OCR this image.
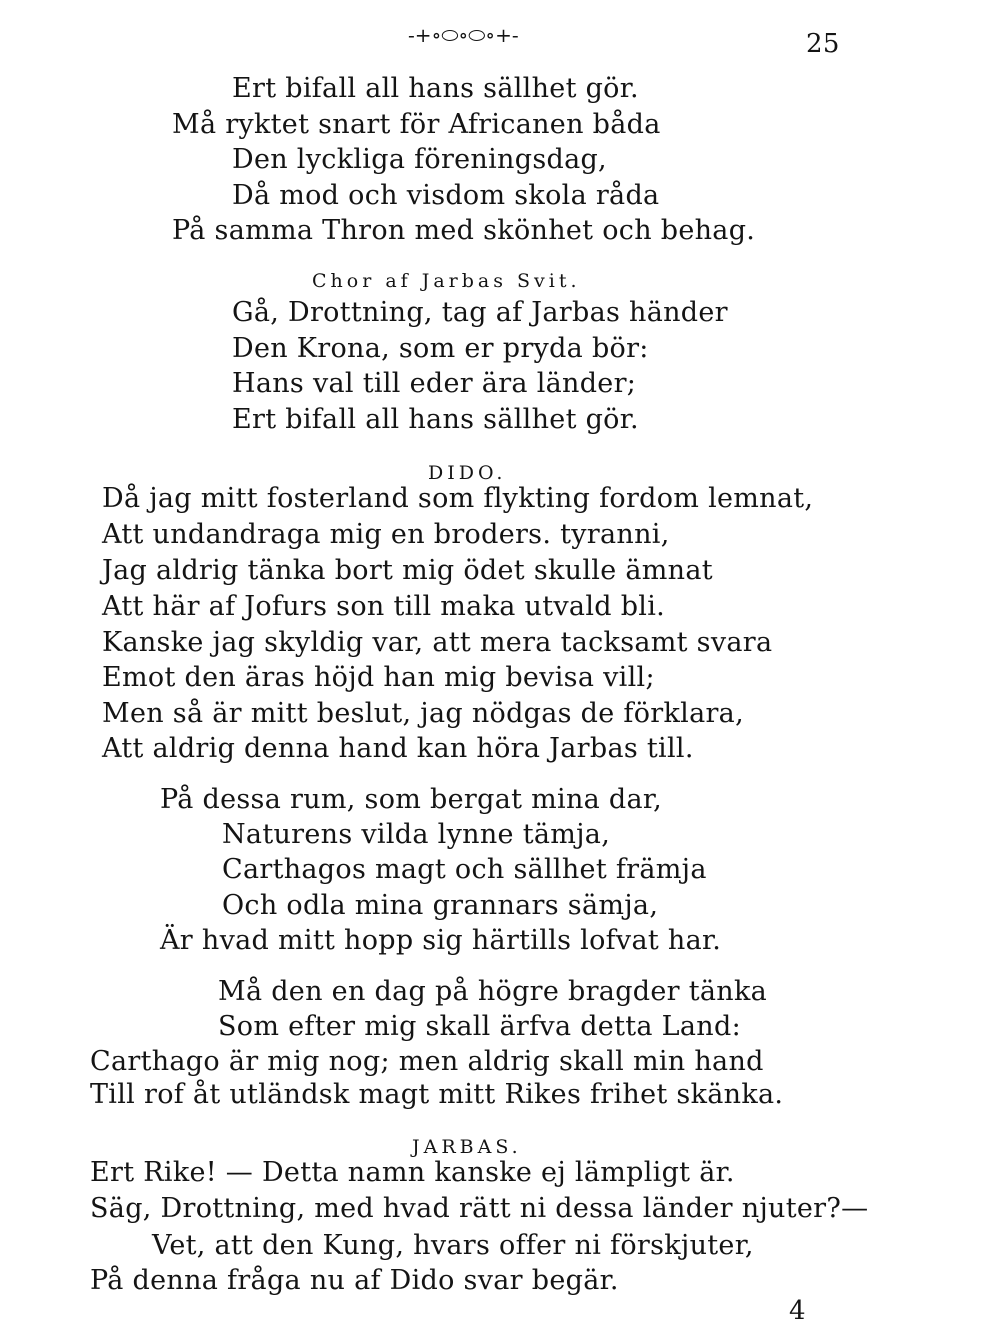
-+∘⬭∘⬭∘+-	25
Ert bifall all hans sällhet gör.
Må ryktet snart för Africanen båda
Den lyckliga föreningsdag,
Då mod och visdom skola råda
På samma Thron med skönhet och behag.
Chor af Jarbas Svit.
Gå, Drottning, tag af Jarbas händer
Den Krona, som er pryda bör:
Hans val till eder ära länder;
Ert bifall all hans sällhet gör.
DIDO.
Då jag mitt fosterland som flykting fordom lemnat,
Att undandraga mig en broders. tyranni,
Jag aldrig tänka bort mig ödet skulle ämnat
Att här af Jofurs son till maka utvald bli.
Kanske jag skyldig var, att mera tacksamt svara
Emot den äras höjd han mig bevisa vill;
Men så är mitt beslut, jag nödgas de förklara,
Att aldrig denna hand kan höra Jarbas till.
På dessa rum, som bergat mina dar,
Naturens vilda lynne tämja,
Carthagos magt och sällhet främja
Och odla mina grannars sämja,
Är hvad mitt hopp sig härtills lofvat har.
Må den en dag på högre bragder tänka
Som efter mig skall ärfva detta Land:
Carthago är mig nog; men aldrig skall min hand
Till rof åt utländsk magt mitt Rikes frihet skänka.
JARBAS.
Ert Rike! — Detta namn kanske ej lämpligt är.
Säg, Drottning, med hvad rätt ni dessa länder njuter?—
Vet, att den Kung, hvars offer ni förskjuter,
På denna fråga nu af Dido svar begär.
4
